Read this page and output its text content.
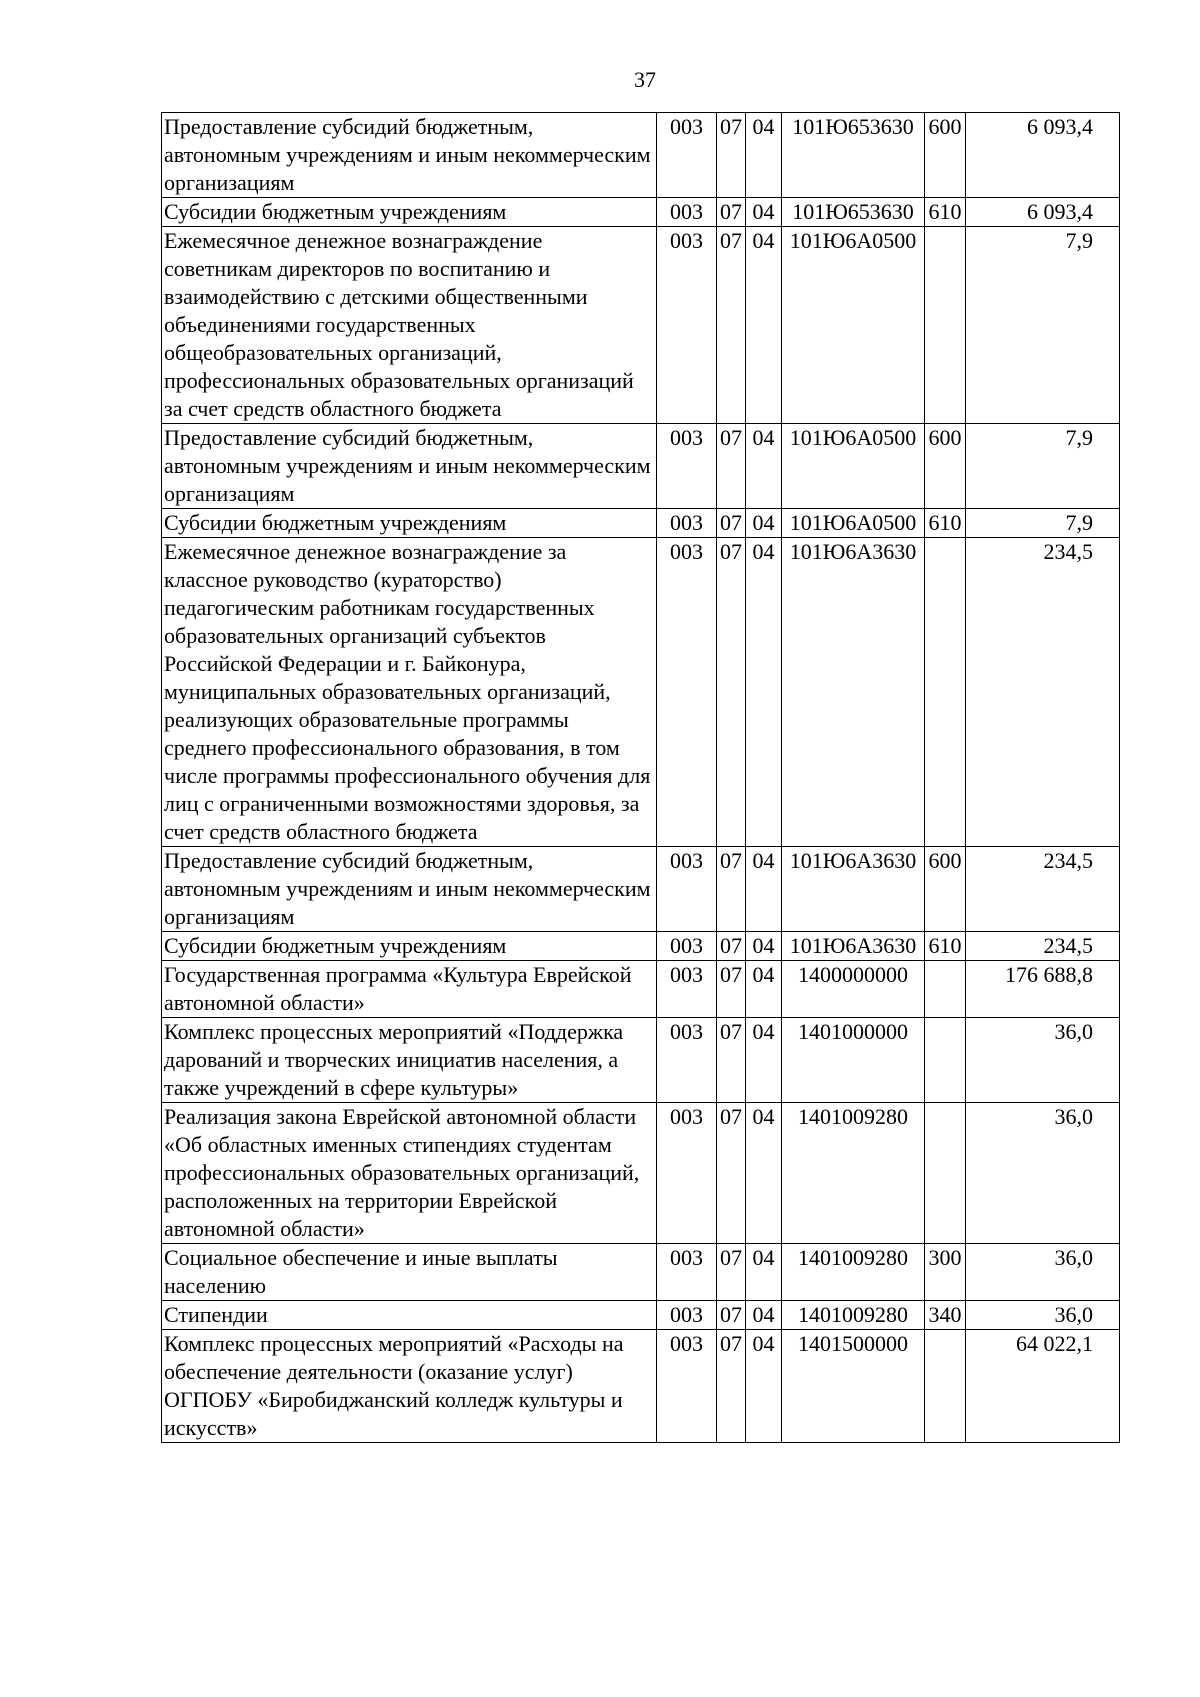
37
Предоставление субсидий бюджетным, автономным учреждениям и иным некоммерческим организациям	003	07	04	101Ю653630	600	6 093,4
Субсидии бюджетным учреждениям	003	07	04	101Ю653630	610	6 093,4
Ежемесячное денежное вознаграждение советникам директоров по воспитанию и взаимодействию с детскими общественными объединениями государственных общеобразовательных организаций, профессиональных образовательных организаций за счет средств областного бюджета	003	07	04	101Ю6А0500		7,9
Предоставление субсидий бюджетным, автономным учреждениям и иным некоммерческим организациям	003	07	04	101Ю6А0500	600	7,9
Субсидии бюджетным учреждениям	003	07	04	101Ю6А0500	610	7,9
Ежемесячное денежное вознаграждение за классное руководство (кураторство) педагогическим работникам государственных образовательных организаций субъектов Российской Федерации и г. Байконура, муниципальных образовательных организаций, реализующих образовательные программы среднего профессионального образования, в том числе программы профессионального обучения для лиц с ограниченными возможностями здоровья, за счет средств областного бюджета	003	07	04	101Ю6А3630		234,5
Предоставление субсидий бюджетным, автономным учреждениям и иным некоммерческим организациям	003	07	04	101Ю6А3630	600	234,5
Субсидии бюджетным учреждениям	003	07	04	101Ю6А3630	610	234,5
Государственная программа «Культура Еврейской автономной области»	003	07	04	1400000000		176 688,8
Комплекс процессных мероприятий «Поддержка дарований и творческих инициатив населения, а также учреждений в сфере культуры»	003	07	04	1401000000		36,0
Реализация закона Еврейской автономной области «Об областных именных стипендиях студентам профессиональных образовательных организаций, расположенных на территории Еврейской автономной области»	003	07	04	1401009280		36,0
Социальное обеспечение и иные выплаты населению	003	07	04	1401009280	300	36,0
Стипендии	003	07	04	1401009280	340	36,0
Комплекс процессных мероприятий «Расходы на обеспечение деятельности (оказание услуг) ОГПОБУ «Биробиджанский колледж культуры и искусств»	003	07	04	1401500000		64 022,1
